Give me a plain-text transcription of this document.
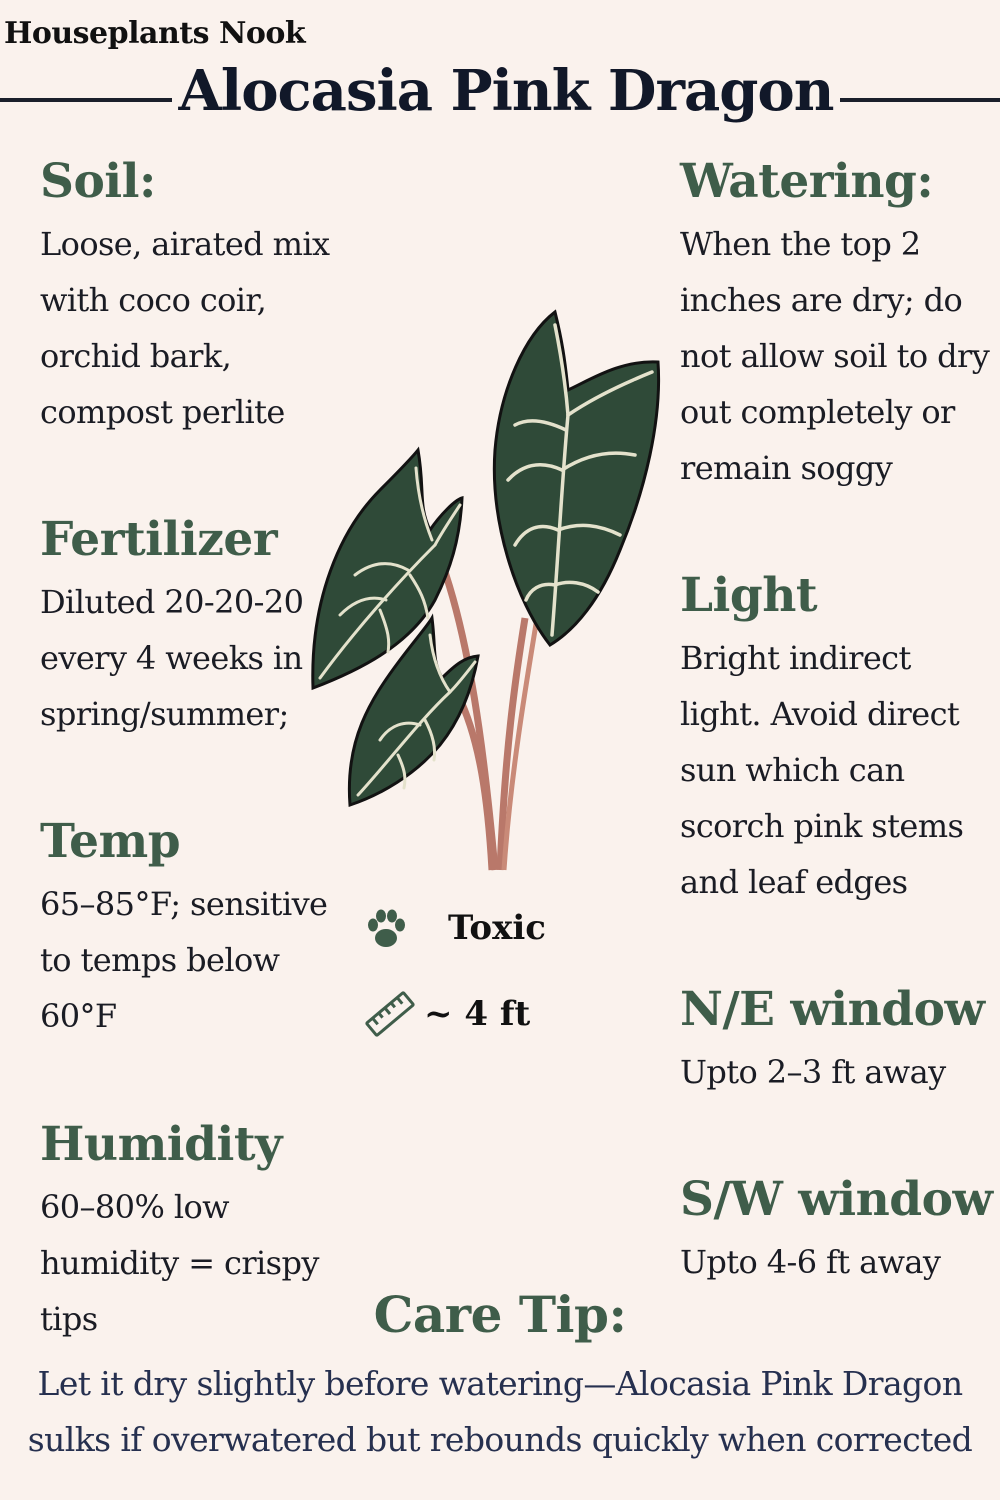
Houseplants Nook
Alocasia Pink Dragon
Soil:

Loose, airated mix
with coco coir,
orchid bark,
compost perlite

Fertilizer

Diluted 20-20-20
every 4 weeks in
spring/summer;

Temp

65–85°F; sensitive
to temps below
60°F

Humidity

60–80% low
humidity = crispy
tips

Watering:

When the top 2
inches are dry; do
not allow soil to dry
out completely or
remain soggy

Light

Bright indirect
light. Avoid direct
sun which can
scorch pink stems
and leaf edges

N/E window

Upto 2–3 ft away

S/W window

Upto 4-6 ft away

Toxic
~ 4 ft
Care Tip:
Let it dry slightly before watering—Alocasia Pink Dragon
sulks if overwatered but rebounds quickly when corrected
